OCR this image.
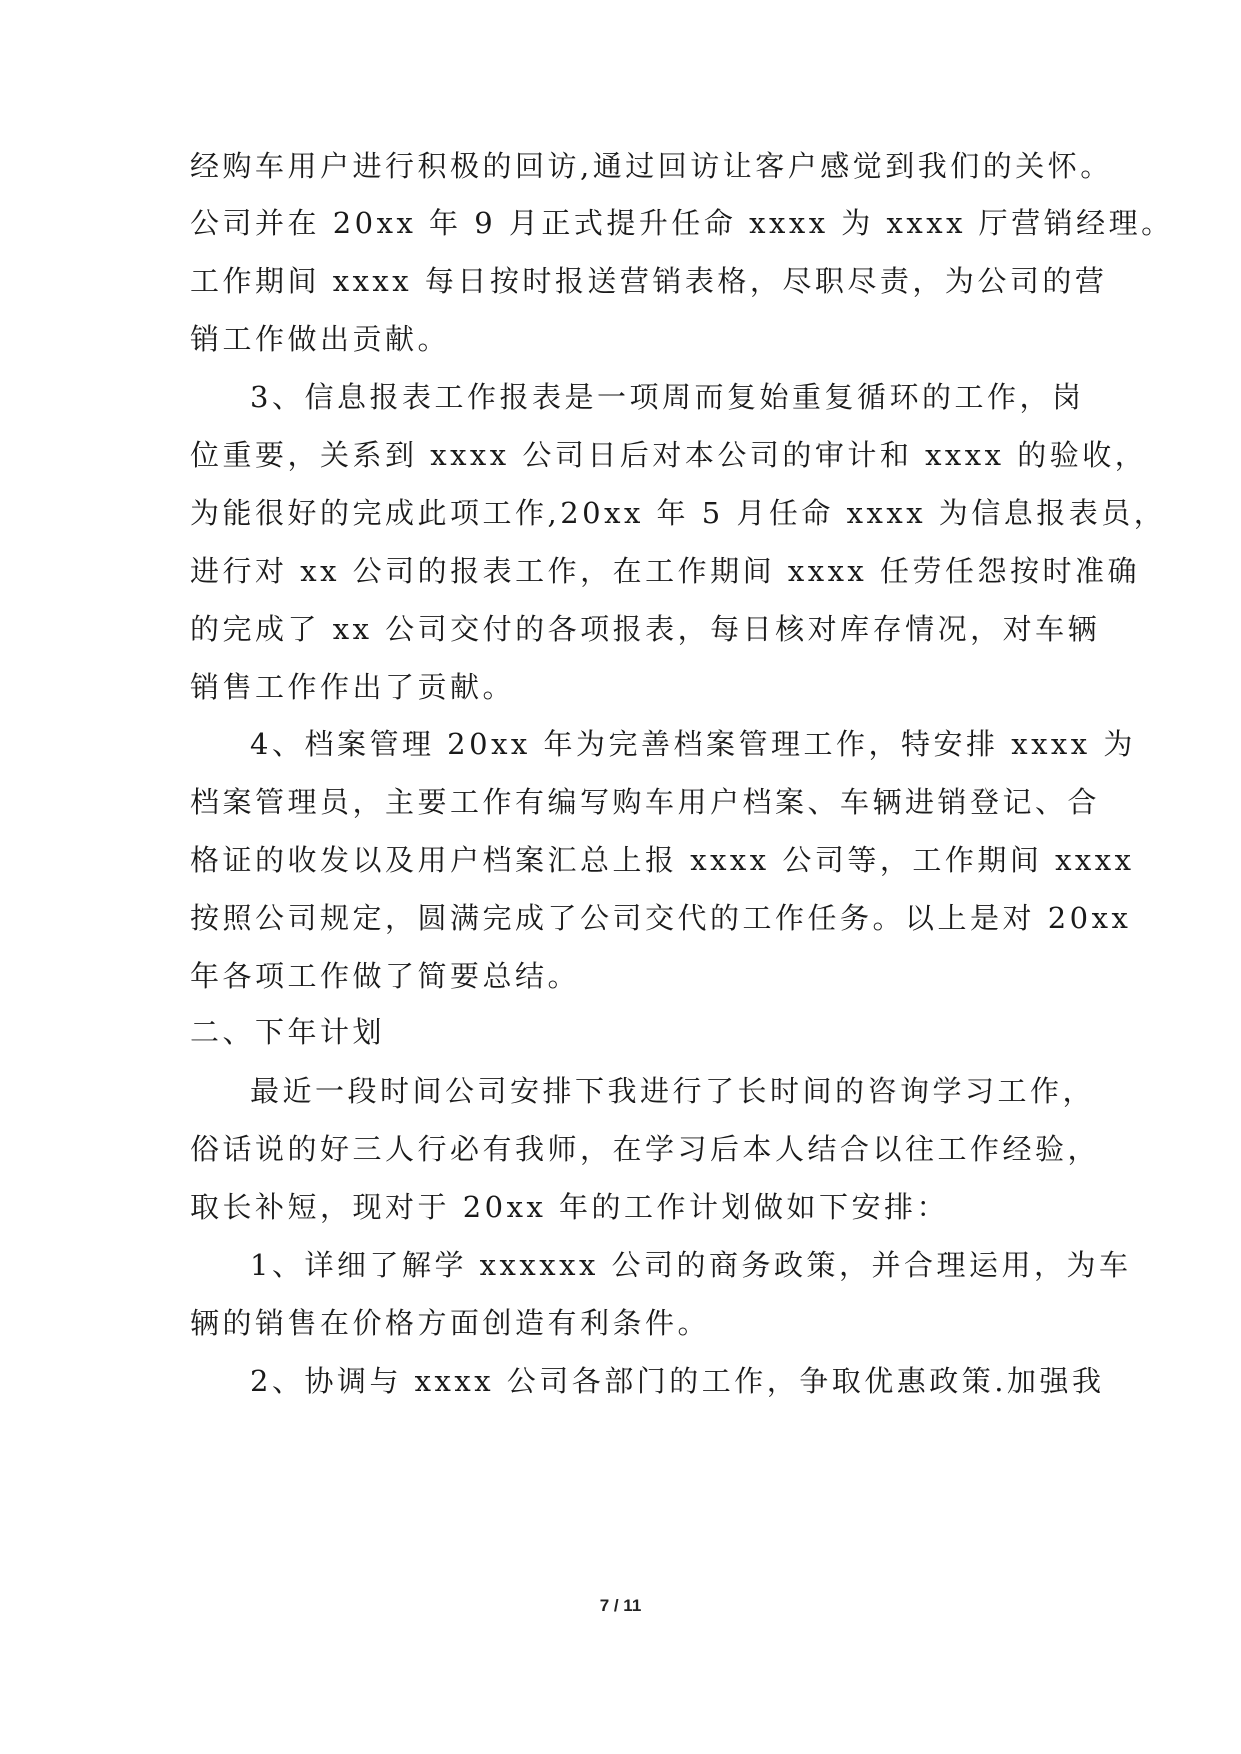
经购车用户进行积极的回访,通过回访让客户感觉到我们的关怀。
公司并在 20xx 年 9 月正式提升任命 xxxx 为 xxxx 厅营销经理。
工作期间 xxxx 每日按时报送营销表格，尽职尽责，为公司的营
销工作做出贡献。
3、信息报表工作报表是一项周而复始重复循环的工作，岗
位重要，关系到 xxxx 公司日后对本公司的审计和 xxxx 的验收，
为能很好的完成此项工作,20xx 年 5 月任命 xxxx 为信息报表员，
进行对 xx 公司的报表工作，在工作期间 xxxx 任劳任怨按时准确
的完成了 xx 公司交付的各项报表，每日核对库存情况，对车辆
销售工作作出了贡献。
4、档案管理 20xx 年为完善档案管理工作，特安排 xxxx 为
档案管理员，主要工作有编写购车用户档案、车辆进销登记、合
格证的收发以及用户档案汇总上报 xxxx 公司等，工作期间 xxxx
按照公司规定，圆满完成了公司交代的工作任务。以上是对 20xx
年各项工作做了简要总结。
二、下年计划
最近一段时间公司安排下我进行了长时间的咨询学习工作，
俗话说的好三人行必有我师，在学习后本人结合以往工作经验，
取长补短，现对于 20xx 年的工作计划做如下安排：
1、详细了解学 xxxxxx 公司的商务政策，并合理运用，为车
辆的销售在价格方面创造有利条件。
2、协调与 xxxx 公司各部门的工作，争取优惠政策.加强我
7 / 11
